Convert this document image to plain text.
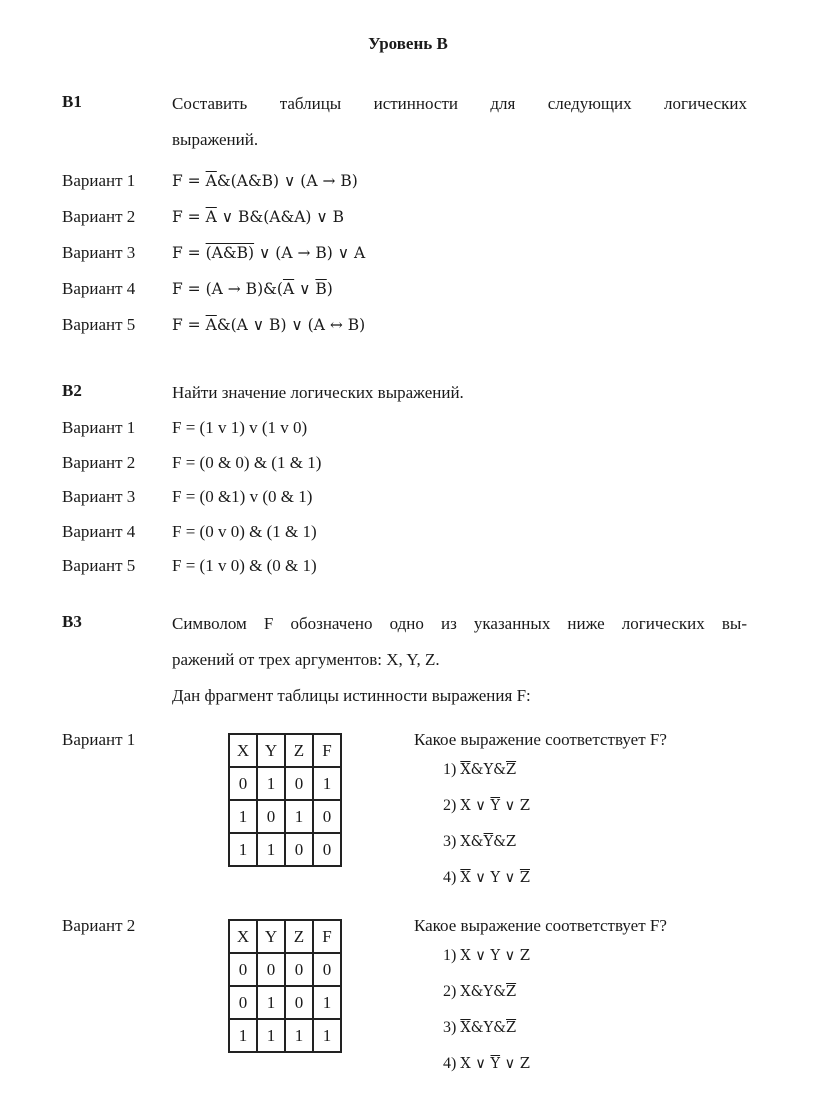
Уровень B
B1	Составить таблицы истинности для следующих логических
выражений.
Вариант 1 $F = \overline{A}\&(A\&B)$ ∨ (A → B)
Вариант 2 $F = \overline{A}$ ∨ B&(A&A) ∨ B
Вариант 3 F = (A&B) ∨ (A → B) ∨ A
Вариант 4 $F = (A \to B)\&(\overline{A}$ ∨ $\overline{B}$)
Вариант 5 $F = \overline{A}\&(A$ ∨ B) ∨ (A ↔ B)
B2	Найти значение логических выражений.
Вариант 1 F = (1 v 1) v (1 v 0)
Вариант 2 F = (0 & 0) & (1 & 1)
Вариант 3 F = (0 &1) v (0 & 1)
Вариант 4 F = (0 v 0) & (1 & 1)
Вариант 5 F = (1 v 0) & (0 & 1)
B3	Символом F обозначено одно из указанных ниже логических вы-
ражений от трех аргументов: X, Y, Z.
Дан фрагмент таблицы истинности выражения F:
Вариант 1
X	Y	Z	F
0	1	0	1
1	0	1	0
1	1	0	0
Какое выражение соответствует F?
1) $\overline{X}\&Y\&\overline{Z}$
2) X ∨ $\overline{Y}$ ∨ Z
3) $X\&\overline{Y}\&Z$
4) $\overline{X}$ ∨ Y ∨ $\overline{Z}$
Вариант 2
X	Y	Z	F
0	0	0	0
0	1	0	1
1	1	1	1
Какое выражение соответствует F?
1) X ∨ Y ∨ Z
2) $X\&Y\&\overline{Z}$
3) $\overline{X}\&Y\&\overline{Z}$
4) X ∨ $\overline{Y}$ ∨ Z
